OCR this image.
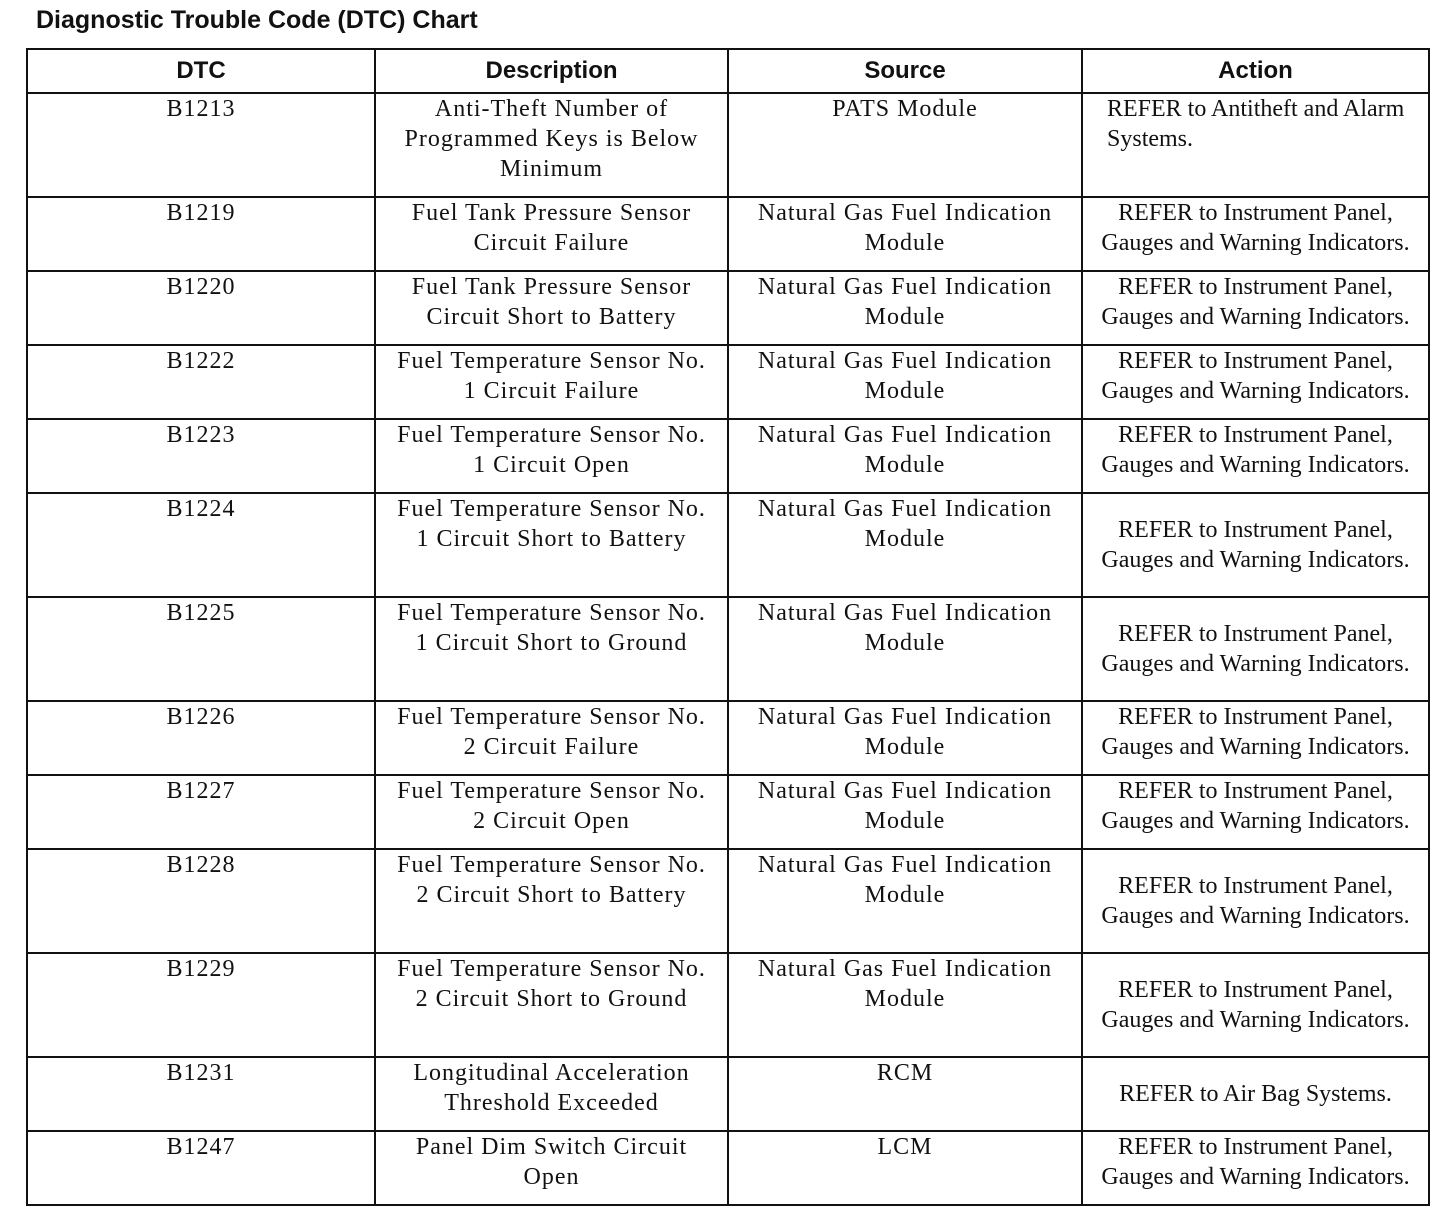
Diagnostic Trouble Code (DTC) Chart
DTC	Description	Source	Action
B1213	Anti-Theft Number of Programmed Keys is Below Minimum	PATS Module	REFER to Antitheft and Alarm Systems.

B1219	Fuel Tank Pressure Sensor Circuit Failure	Natural Gas Fuel Indication Module	REFER to Instrument Panel, Gauges and Warning Indicators.

B1220	Fuel Tank Pressure Sensor Circuit Short to Battery	Natural Gas Fuel Indication Module	REFER to Instrument Panel, Gauges and Warning Indicators.

B1222	Fuel Temperature Sensor No. 1 Circuit Failure	Natural Gas Fuel Indication Module	REFER to Instrument Panel, Gauges and Warning Indicators.

B1223	Fuel Temperature Sensor No. 1 Circuit Open	Natural Gas Fuel Indication Module	REFER to Instrument Panel, Gauges and Warning Indicators.

B1224	Fuel Temperature Sensor No. 1 Circuit Short to Battery	Natural Gas Fuel Indication Module	REFER to Instrument Panel, Gauges and Warning Indicators.

B1225	Fuel Temperature Sensor No. 1 Circuit Short to Ground	Natural Gas Fuel Indication Module	REFER to Instrument Panel, Gauges and Warning Indicators.

B1226	Fuel Temperature Sensor No. 2 Circuit Failure	Natural Gas Fuel Indication Module	REFER to Instrument Panel, Gauges and Warning Indicators.

B1227	Fuel Temperature Sensor No. 2 Circuit Open	Natural Gas Fuel Indication Module	REFER to Instrument Panel, Gauges and Warning Indicators.

B1228	Fuel Temperature Sensor No. 2 Circuit Short to Battery	Natural Gas Fuel Indication Module	REFER to Instrument Panel, Gauges and Warning Indicators.

B1229	Fuel Temperature Sensor No. 2 Circuit Short to Ground	Natural Gas Fuel Indication Module	REFER to Instrument Panel, Gauges and Warning Indicators.

B1231	Longitudinal Acceleration Threshold Exceeded	RCM	REFER to Air Bag Systems.

B1247	Panel Dim Switch Circuit Open	LCM	REFER to Instrument Panel, Gauges and Warning Indicators.
